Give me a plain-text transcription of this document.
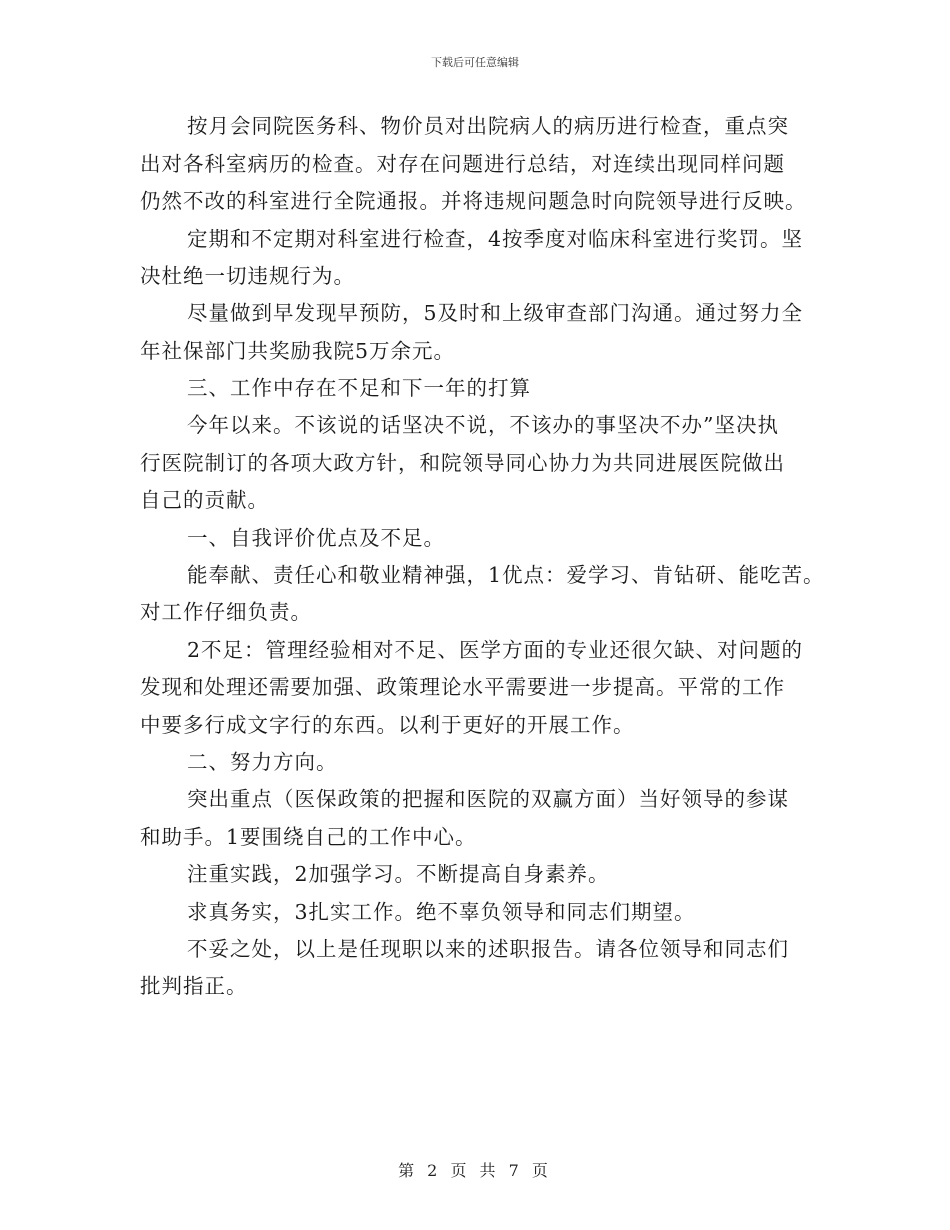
下载后可任意编辑

按月会同院医务科、物价员对出院病人的病历进行检查，重点突

出对各科室病历的检查。对存在问题进行总结，对连续出现同样问题

仍然不改的科室进行全院通报。并将违规问题急时向院领导进行反映。

定期和不定期对科室进行检查，4按季度对临床科室进行奖罚。坚

决杜绝一切违规行为。

尽量做到早发现早预防，5及时和上级审查部门沟通。通过努力全

年社保部门共奖励我院5万余元。

三、工作中存在不足和下一年的打算

今年以来。不该说的话坚决不说，不该办的事坚决不办”坚决执

行医院制订的各项大政方针，和院领导同心协力为共同进展医院做出

自己的贡献。

一、自我评价优点及不足。

能奉献、责任心和敬业精神强，1优点：爱学习、肯钻研、能吃苦。

对工作仔细负责。

2不足：管理经验相对不足、医学方面的专业还很欠缺、对问题的

发现和处理还需要加强、政策理论水平需要进一步提高。平常的工作

中要多行成文字行的东西。以利于更好的开展工作。

二、努力方向。

突出重点（医保政策的把握和医院的双赢方面）当好领导的参谋

和助手。1要围绕自己的工作中心。

注重实践，2加强学习。不断提高自身素养。

求真务实，3扎实工作。绝不辜负领导和同志们期望。

不妥之处，以上是任现职以来的述职报告。请各位领导和同志们

批判指正。

第 2 页 共 7 页
